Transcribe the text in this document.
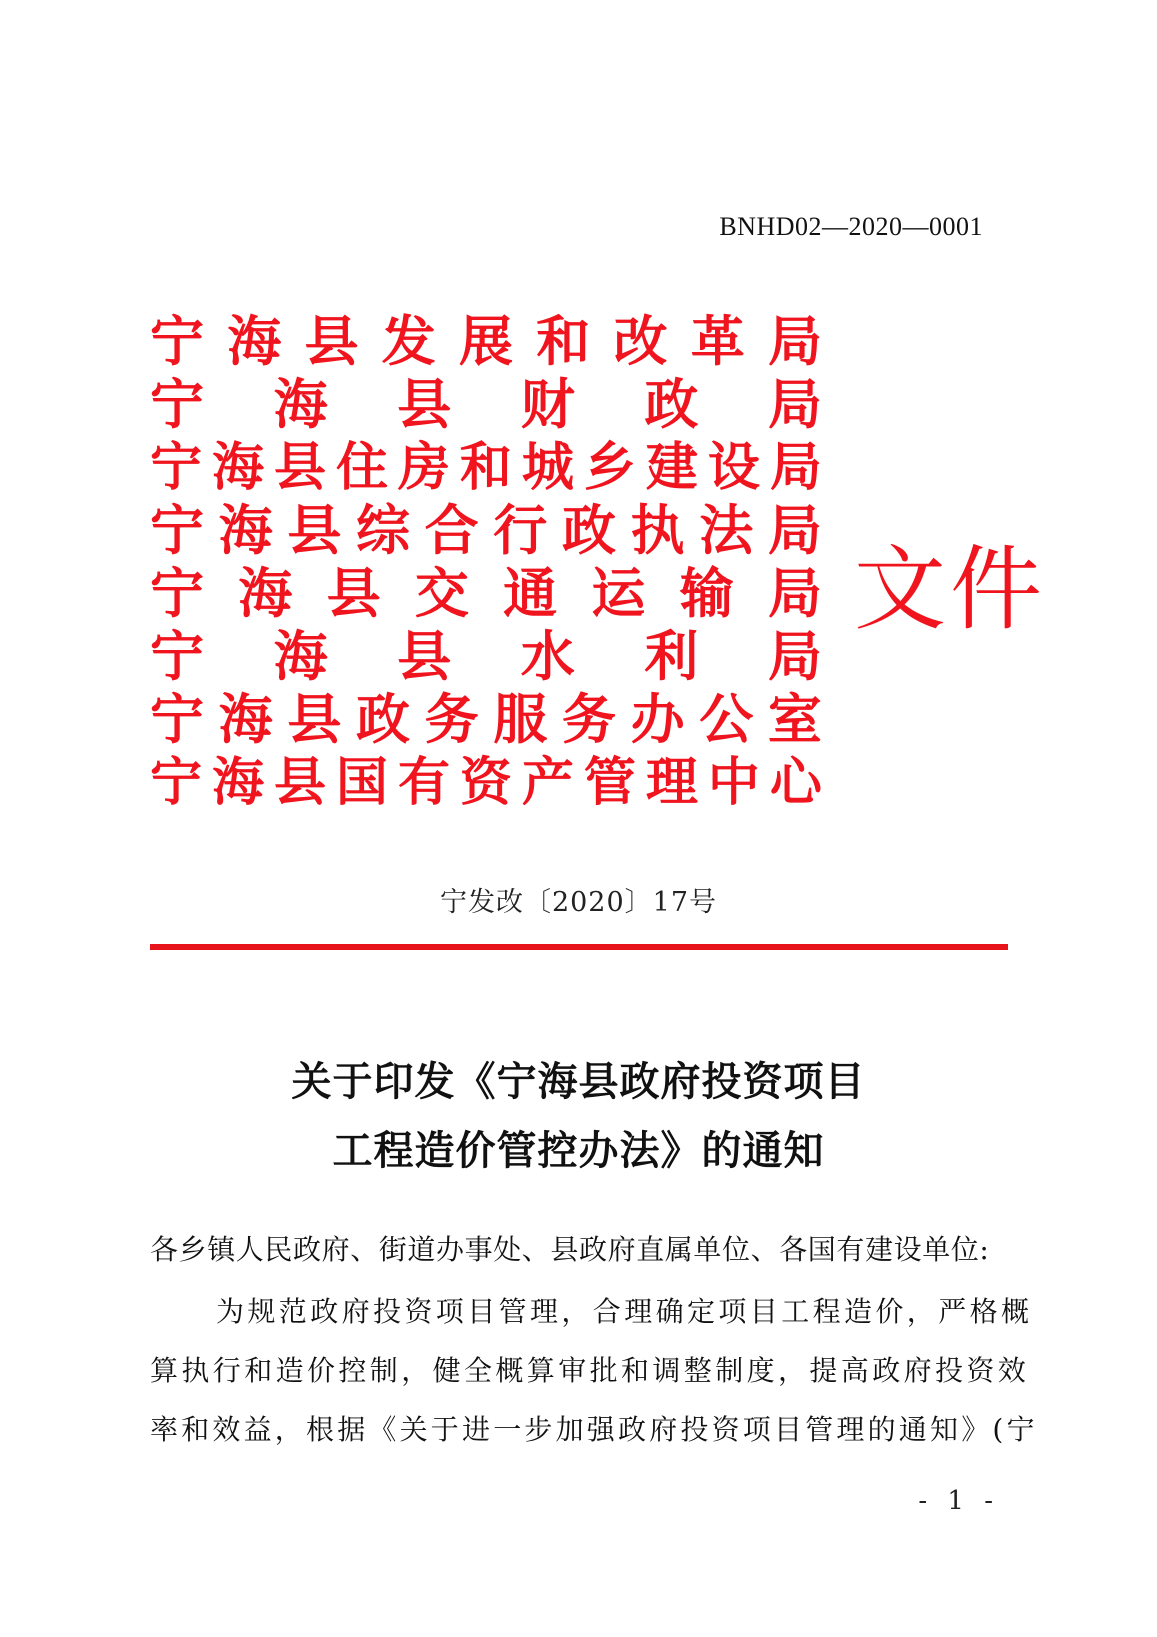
BNHD02—2020—0001
宁 海 县 发 展 和 改 革 局
宁 海 县 财 政 局
宁 海 县 住 房 和 城 乡 建 设 局
宁 海 县 综 合 行 政 执 法 局
宁 海 县 交 通 运 输 局
宁 海 县 水 利 局
宁 海 县 政 务 服 务 办 公 室
宁 海 县 国 有 资 产 管 理 中 心
文件
宁发改〔2020〕17号
关于印发《宁海县政府投资项目
工程造价管控办法》的通知
各乡镇人民政府、街道办事处、县政府直属单位、各国有建设单位:
为规范政府投资项目管理，合理确定项目工程造价，严格概
算执行和造价控制，健全概算审批和调整制度，提高政府投资效
率和效益，根据《关于进一步加强政府投资项目管理的通知》(宁
- 1 -
